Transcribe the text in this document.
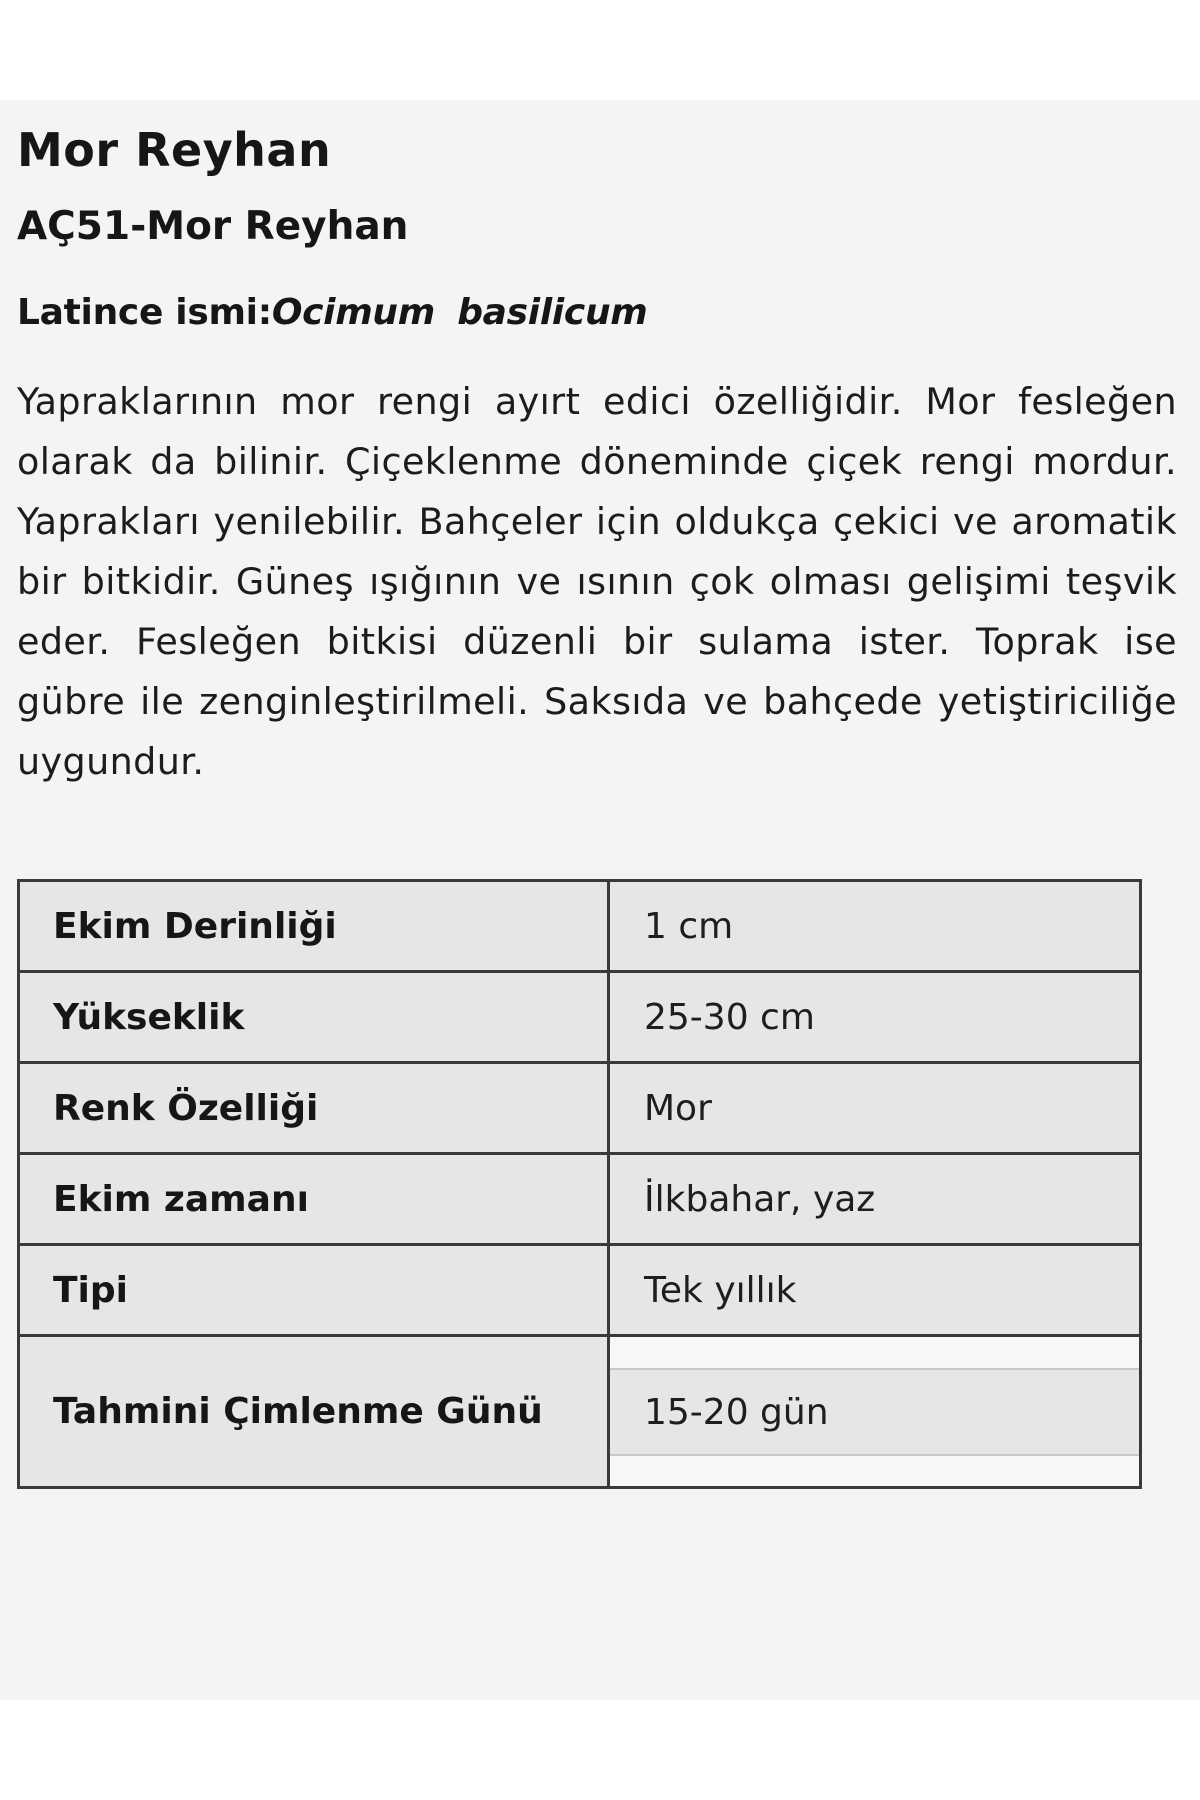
Mor Reyhan
AÇ51-Mor Reyhan

Latince ismi:Ocimum basilicum

Yapraklarının mor rengi ayırt edici özelliğidir. Mor fesleğen olarak da bilinir. Çiçeklenme döneminde çiçek rengi mordur. Yaprakları yenilebilir. Bahçeler için oldukça çekici ve aromatik bir bitkidir. Güneş ışığının ve ısının çok olması gelişimi teşvik eder. Fesleğen bitkisi düzenli bir sulama ister. Toprak ise gübre ile zenginleştirilmeli. Saksıda ve bahçede yetiştiriciliğe uygundur.

Ekim Derinliği	1 cm
Yükseklik	25-30 cm
Renk Özelliği	Mor
Ekim zamanı	İlkbahar, yaz
Tipi	Tek yıllık
Tahmini Çimlenme Günü	15-20 gün
